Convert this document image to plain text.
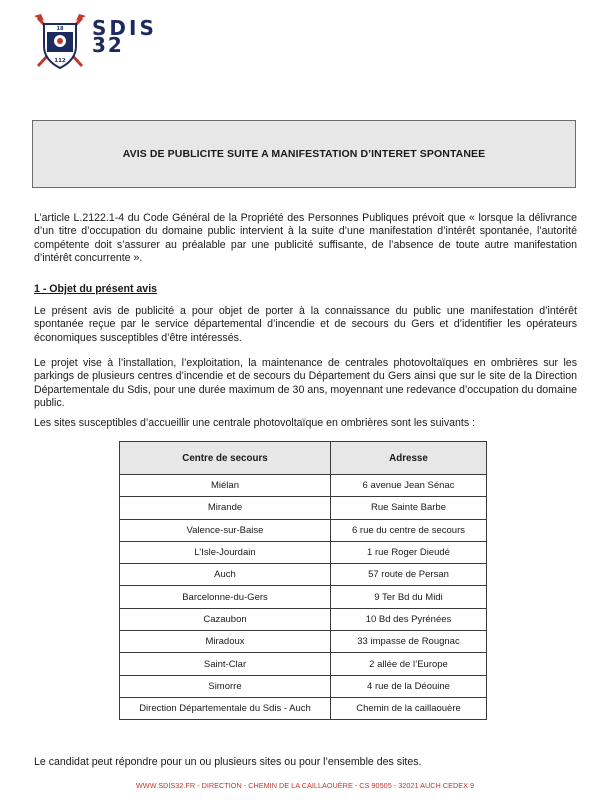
18
112
SDIS
32
AVIS DE PUBLICITE SUITE A MANIFESTATION D’INTERET SPONTANEE

L’article L.2122.1-4 du Code Général de la Propriété des Personnes Publiques prévoit que « lorsque la délivrance d’un titre d’occupation du domaine public intervient à la suite d’une manifestation d’intérêt spontanée, l’autorité compétente doit s’assurer au préalable par une publicité suffisante, de l’absence de toute autre manifestation d’intérêt concurrente ».

1 - Objet du présent avis

Le présent avis de publicité a pour objet de porter à la connaissance du public une manifestation d’intérêt spontanée reçue par le service départemental d’incendie et de secours du Gers et d’identifier les opérateurs économiques susceptibles d’être intéressés.

Le projet vise à l’installation, l’exploitation, la maintenance de centrales photovoltaïques en ombrières sur les parkings de plusieurs centres d’incendie et de secours du Département du Gers ainsi que sur le site de la Direction Départementale du Sdis, pour une durée maximum de 30 ans, moyennant une redevance d’occupation du domaine public.

Les sites susceptibles d’accueillir une centrale photovoltaïque en ombrières sont les suivants :

Centre de secours	Adresse
Miélan	6 avenue Jean Sénac
Mirande	Rue Sainte Barbe
Valence-sur-Baise	6 rue du centre de secours
L’Isle-Jourdain	1 rue Roger Dieudé
Auch	57 route de Persan
Barcelonne-du-Gers	9 Ter Bd du Midi
Cazaubon	10 Bd des Pyrénées
Miradoux	33 impasse de Rougnac
Saint-Clar	2 allée de l’Europe
Simorre	4 rue de la Déouine
Direction Départementale du Sdis - Auch	Chemin de la caillaouère

Le candidat peut répondre pour un ou plusieurs sites ou pour l’ensemble des sites.

WWW.SDIS32.FR - DIRECTION - CHEMIN DE LA CAILLAOUÈRE - CS 90505 - 32021 AUCH CEDEX 9
